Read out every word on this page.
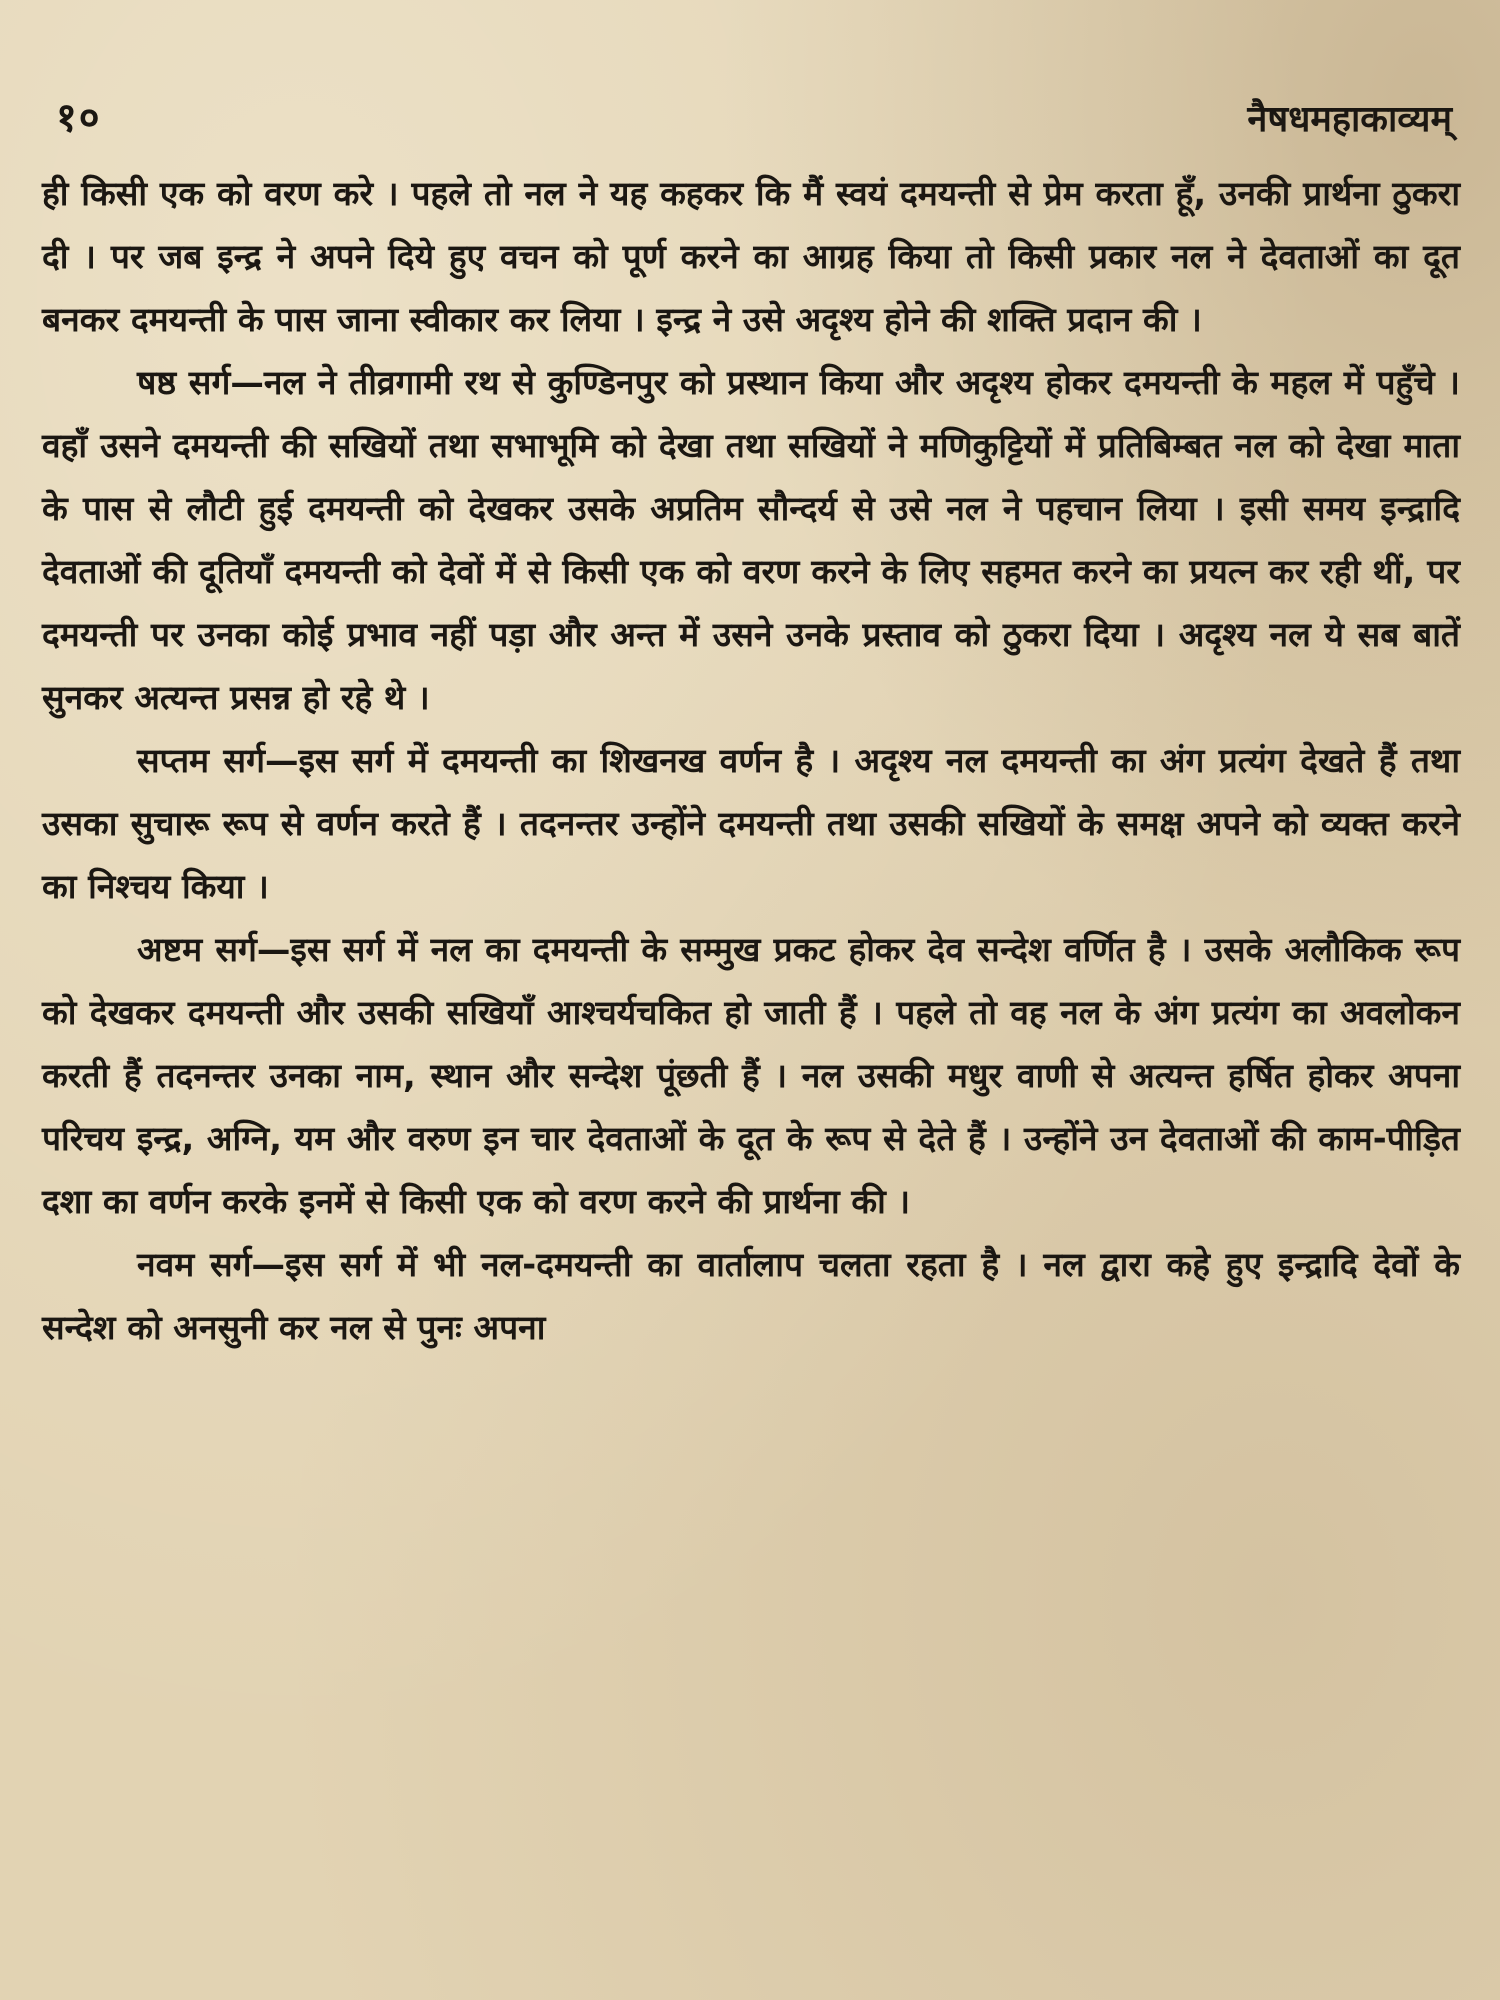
१०	नैषधमहाकाव्यम्

ही किसी एक को वरण करे । पहले तो नल ने यह कहकर कि मैं स्वयं दमयन्ती से प्रेम करता हूँ, उनकी प्रार्थना ठुकरा दी । पर जब इन्द्र ने अपने दिये हुए वचन को पूर्ण करने का आग्रह किया तो किसी प्रकार नल ने देवताओं का दूत बनकर दमयन्ती के पास जाना स्वीकार कर लिया । इन्द्र ने उसे अदृश्य होने की शक्ति प्रदान की ।

षष्ठ सर्ग—नल ने तीव्रगामी रथ से कुण्डिनपुर को प्रस्थान किया और अदृश्य होकर दमयन्ती के महल में पहुँचे । वहाँ उसने दमयन्ती की सखियों तथा सभाभूमि को देखा तथा सखियों ने मणिकुट्टियों में प्रतिबिम्बत नल को देखा माता के पास से लौटी हुई दमयन्ती को देखकर उसके अप्रतिम सौन्दर्य से उसे नल ने पहचान लिया । इसी समय इन्द्रादि देवताओं की दूतियाँ दमयन्ती को देवों में से किसी एक को वरण करने के लिए सहमत करने का प्रयत्न कर रही थीं, पर दमयन्ती पर उनका कोई प्रभाव नहीं पड़ा और अन्त में उसने उनके प्रस्ताव को ठुकरा दिया । अदृश्य नल ये सब बातें सुनकर अत्यन्त प्रसन्न हो रहे थे ।

सप्तम सर्ग—इस सर्ग में दमयन्ती का शिखनख वर्णन है । अदृश्य नल दमयन्ती का अंग प्रत्यंग देखते हैं तथा उसका सुचारू रूप से वर्णन करते हैं । तदनन्तर उन्होंने दमयन्ती तथा उसकी सखियों के समक्ष अपने को व्यक्त करने का निश्चय किया ।

अष्टम सर्ग—इस सर्ग में नल का दमयन्ती के सम्मुख प्रकट होकर देव सन्देश वर्णित है । उसके अलौकिक रूप को देखकर दमयन्ती और उसकी सखियाँ आश्चर्यचकित हो जाती हैं । पहले तो वह नल के अंग प्रत्यंग का अवलोकन करती हैं तदनन्तर उनका नाम, स्थान और सन्देश पूंछती हैं । नल उसकी मधुर वाणी से अत्यन्त हर्षित होकर अपना परिचय इन्द्र, अग्नि, यम और वरुण इन चार देवताओं के दूत के रूप से देते हैं । उन्होंने उन देवताओं की काम-पीड़ित दशा का वर्णन करके इनमें से किसी एक को वरण करने की प्रार्थना की ।

नवम सर्ग—इस सर्ग में भी नल-दमयन्ती का वार्तालाप चलता रहता है । नल द्वारा कहे हुए इन्द्रादि देवों के सन्देश को अनसुनी कर नल से पुनः अपना
